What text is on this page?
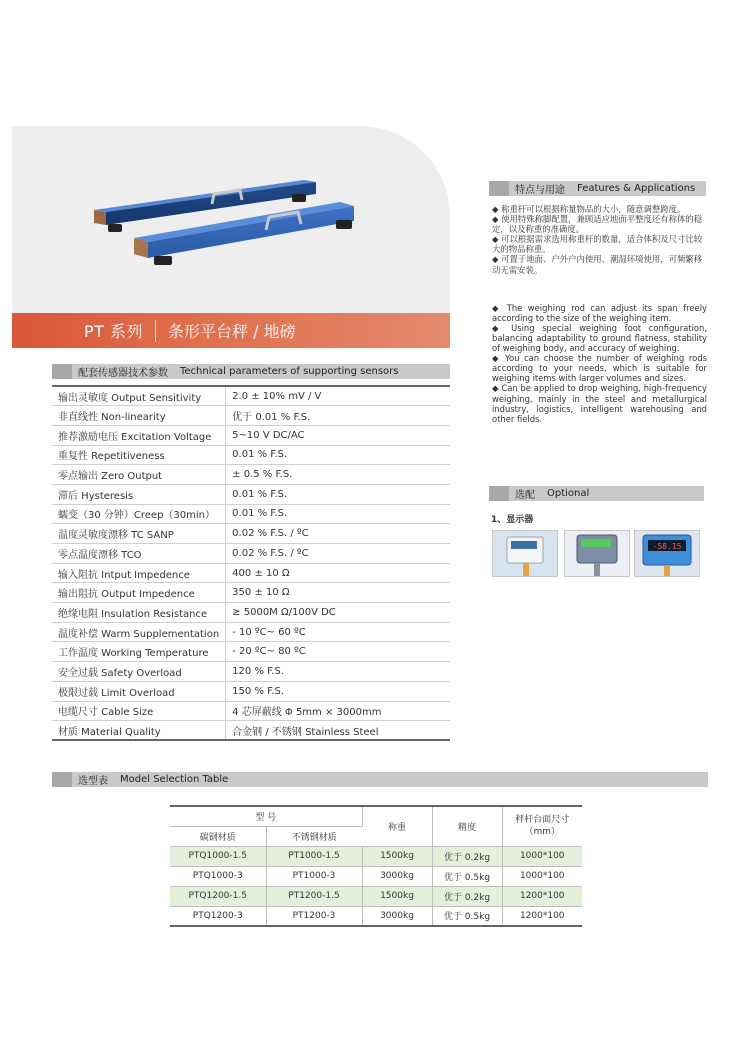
PT 系列 条形平台秤 / 地磅
配套传感器技术参数 Technical parameters of supporting sensors
输出灵敏度 Output Sensitivity	2.0 ± 10% mV / V
非直线性 Non-linearity	优于 0.01 % F.S.
推荐激励电压 Excitation Voltage	5~10 V DC/AC
重复性 Repetitiveness	0.01 % F.S.
零点输出 Zero Output	± 0.5 % F.S.
滞后 Hysteresis	0.01 % F.S.
蠕变（30 分钟）Creep（30min）	0.01 % F.S.
温度灵敏度漂移 TC SANP	0.02 % F.S. / ºC
零点温度漂移 TCO	0.02 % F.S. / ºC
输入阻抗 Intput Impedence	400 ± 10 Ω
输出阻抗 Output Impedence	350 ± 10 Ω
绝缘电阻 Insulation Resistance	≥ 5000M Ω/100V DC
温度补偿 Warm Supplementation	- 10 ºC~ 60 ºC
工作温度 Working Temperature	- 20 ºC~ 80 ºC
安全过载 Safety Overload	120 % F.S.
极限过载 Limit Overload	150 % F.S.
电缆尺寸 Cable Size	4 芯屏蔽线 Φ 5mm × 3000mm
材质 Material Quality	合金钢 / 不锈钢 Stainless Steel
特点与用途 Features & Applications

◆ 称重杆可以根据称量物品的大小，随意调整跨度。

◆ 使用特殊称脚配置，兼顾适应地面平整度还有称体的稳定，以及称重的准确度。

◆ 可以根据需求选用称重杆的数量，适合体积及尺寸比较大的物品称重。

◆ 可置于地面、户外户内使用、潮湿环境使用，可频繁移动无需安装。

◆ The weighing rod can adjust its span freely according to the size of the weighing item.

◆ Using special weighing foot configuration, balancing adaptability to ground flatness, stability of weighing body, and accuracy of weighing.

◆ You can choose the number of weighing rods according to your needs, which is suitable for weighing items with larger volumes and sizes.

◆ Can be applied to drop weighing, high-frequency weighing, mainly in the steel and metallurgical industry, logistics, intelligent warehousing and other fields.

选配 Optional
1、显示器
-58.15
选型表 Model Selection Table
型 号		称重	精度	秤杆台面尺寸
（mm）
碳钢材质	不锈钢材质			
PTQ1000-1.5	PT1000-1.5	1500kg	优于 0.2kg	1000*100
PTQ1000-3	PT1000-3	3000kg	优于 0.5kg	1000*100
PTQ1200-1.5	PT1200-1.5	1500kg	优于 0.2kg	1200*100
PTQ1200-3	PT1200-3	3000kg	优于 0.5kg	1200*100
